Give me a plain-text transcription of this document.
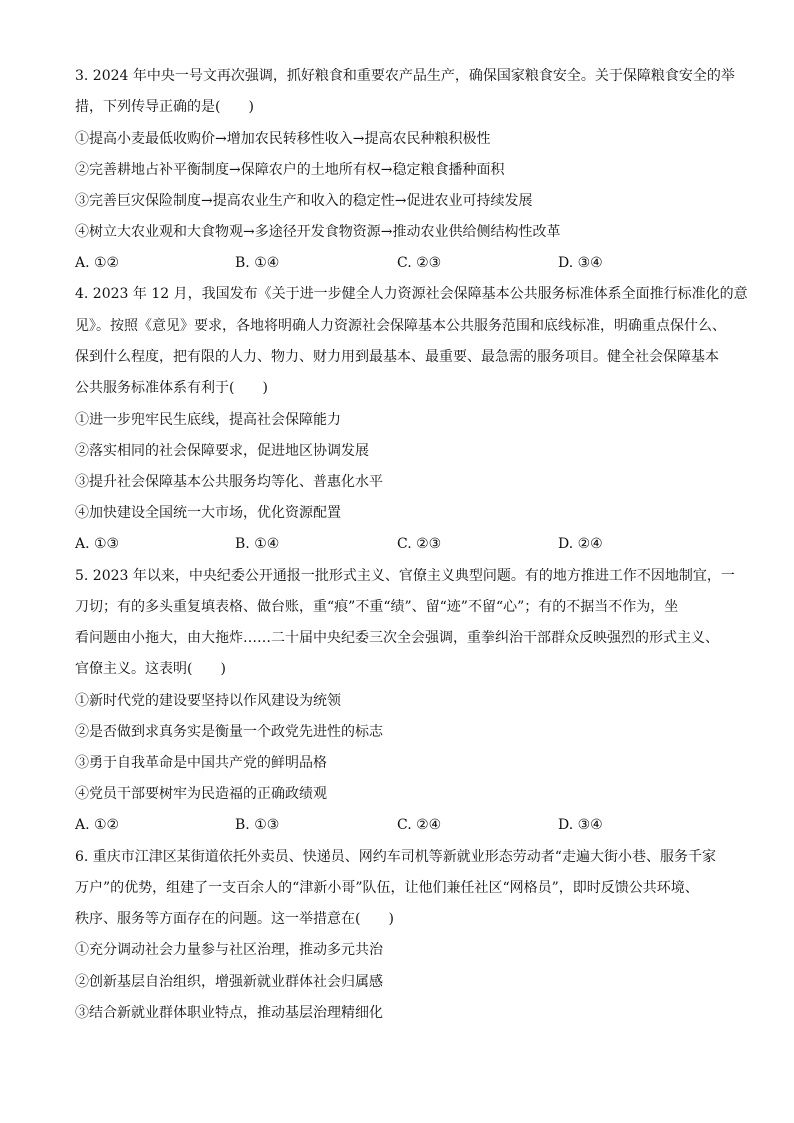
3. 2024 年中央一号文再次强调，抓好粮食和重要农产品生产，确保国家粮食安全。关于保障粮食安全的举
措，下列传导正确的是(　　)
①提高小麦最低收购价→增加农民转移性收入→提高农民种粮积极性
②完善耕地占补平衡制度→保障农户的土地所有权→稳定粮食播种面积
③完善巨灾保险制度→提高农业生产和收入的稳定性→促进农业可持续发展
④树立大农业观和大食物观→多途径开发食物资源→推动农业供给侧结构性改革
A. ①②	B. ①④	C. ②③	D. ③④
4. 2023 年 12 月，我国发布《关于进一步健全人力资源社会保障基本公共服务标准体系全面推行标准化的意
见》。按照《意见》要求，各地将明确人力资源社会保障基本公共服务范围和底线标准，明确重点保什么、
保到什么程度，把有限的人力、物力、财力用到最基本、最重要、最急需的服务项目。健全社会保障基本
公共服务标准体系有利于(　　)
①进一步兜牢民生底线，提高社会保障能力
②落实相同的社会保障要求，促进地区协调发展
③提升社会保障基本公共服务均等化、普惠化水平
④加快建设全国统一大市场，优化资源配置
A. ①③	B. ①④	C. ②③	D. ②④
5. 2023 年以来，中央纪委公开通报一批形式主义、官僚主义典型问题。有的地方推进工作不因地制宜，一
刀切；有的多头重复填表格、做台账，重“痕”不重“绩”、留“迹”不留“心”；有的不据当不作为，坐
看问题由小拖大，由大拖炸……二十届中央纪委三次全会强调，重拳纠治干部群众反映强烈的形式主义、
官僚主义。这表明(　　)
①新时代党的建设要坚持以作风建设为统领
②是否做到求真务实是衡量一个政党先进性的标志
③勇于自我革命是中国共产党的鲜明品格
④党员干部要树牢为民造福的正确政绩观
A. ①②	B. ①③	C. ②④	D. ③④
6. 重庆市江津区某街道依托外卖员、快递员、网约车司机等新就业形态劳动者“走遍大街小巷、服务千家
万户”的优势，组建了一支百余人的“津新小哥”队伍，让他们兼任社区“网格员”，即时反馈公共环境、
秩序、服务等方面存在的问题。这一举措意在(　　)
①充分调动社会力量参与社区治理，推动多元共治
②创新基层自治组织，增强新就业群体社会归属感
③结合新就业群体职业特点，推动基层治理精细化
